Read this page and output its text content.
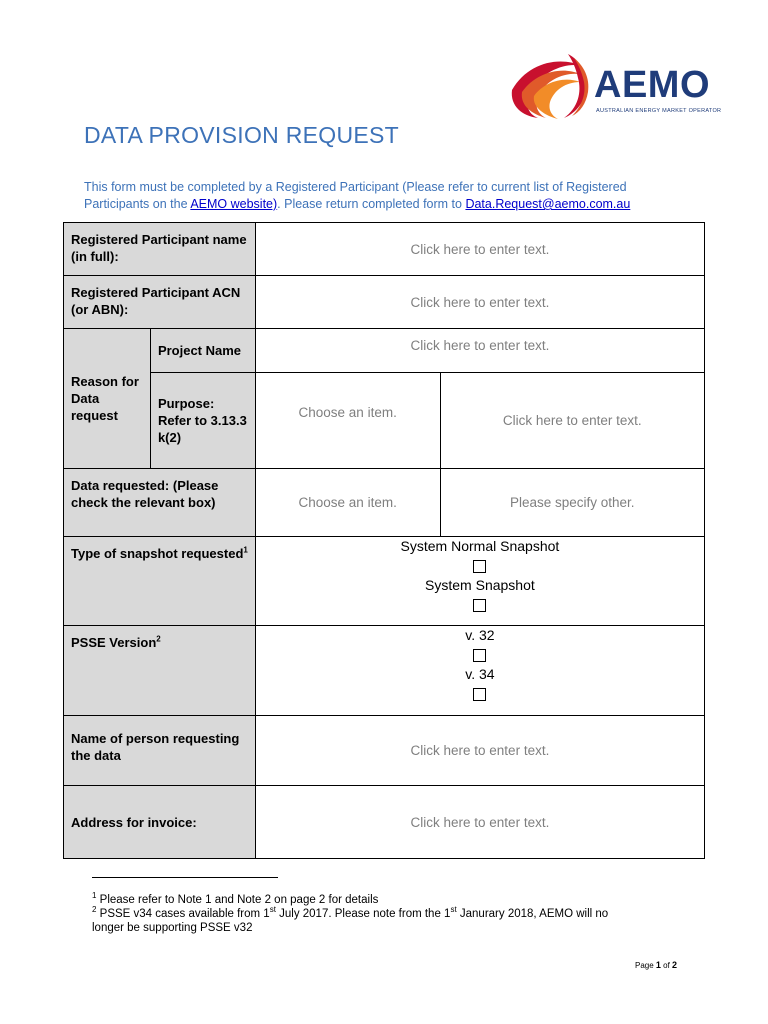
AEMO
AUSTRALIAN ENERGY MARKET OPERATOR
DATA PROVISION REQUEST
This form must be completed by a Registered Participant (Please refer to current list of Registered
Participants on the AEMO website). Please return completed form to Data.Request@aemo.com.au
Registered Participant name (in full):		Click here to enter text.	
Registered Participant ACN (or ABN):		Click here to enter text.	
Reason for Data request	Project Name	Click here to enter text.	
	Purpose: Refer to 3.13.3 k(2)	Choose an item.	Click here to enter text.
Data requested: (Please check the relevant box)		Choose an item.	Please specify other.
Type of snapshot requested$^1$		System Normal Snapshot
System Snapshot	

PSSE Version$^2$		v. 32
v. 34	

Name of person requesting the data		Click here to enter text.	
Address for invoice:		Click here to enter text.	
$^1$ Please refer to Note 1 and Note 2 on page 2 for details
$^2$ PSSE v34 cases available from 1st July 2017. Please note from the 1st Janurary 2018, AEMO will no
longer be supporting PSSE v32
Page 1 of 2
